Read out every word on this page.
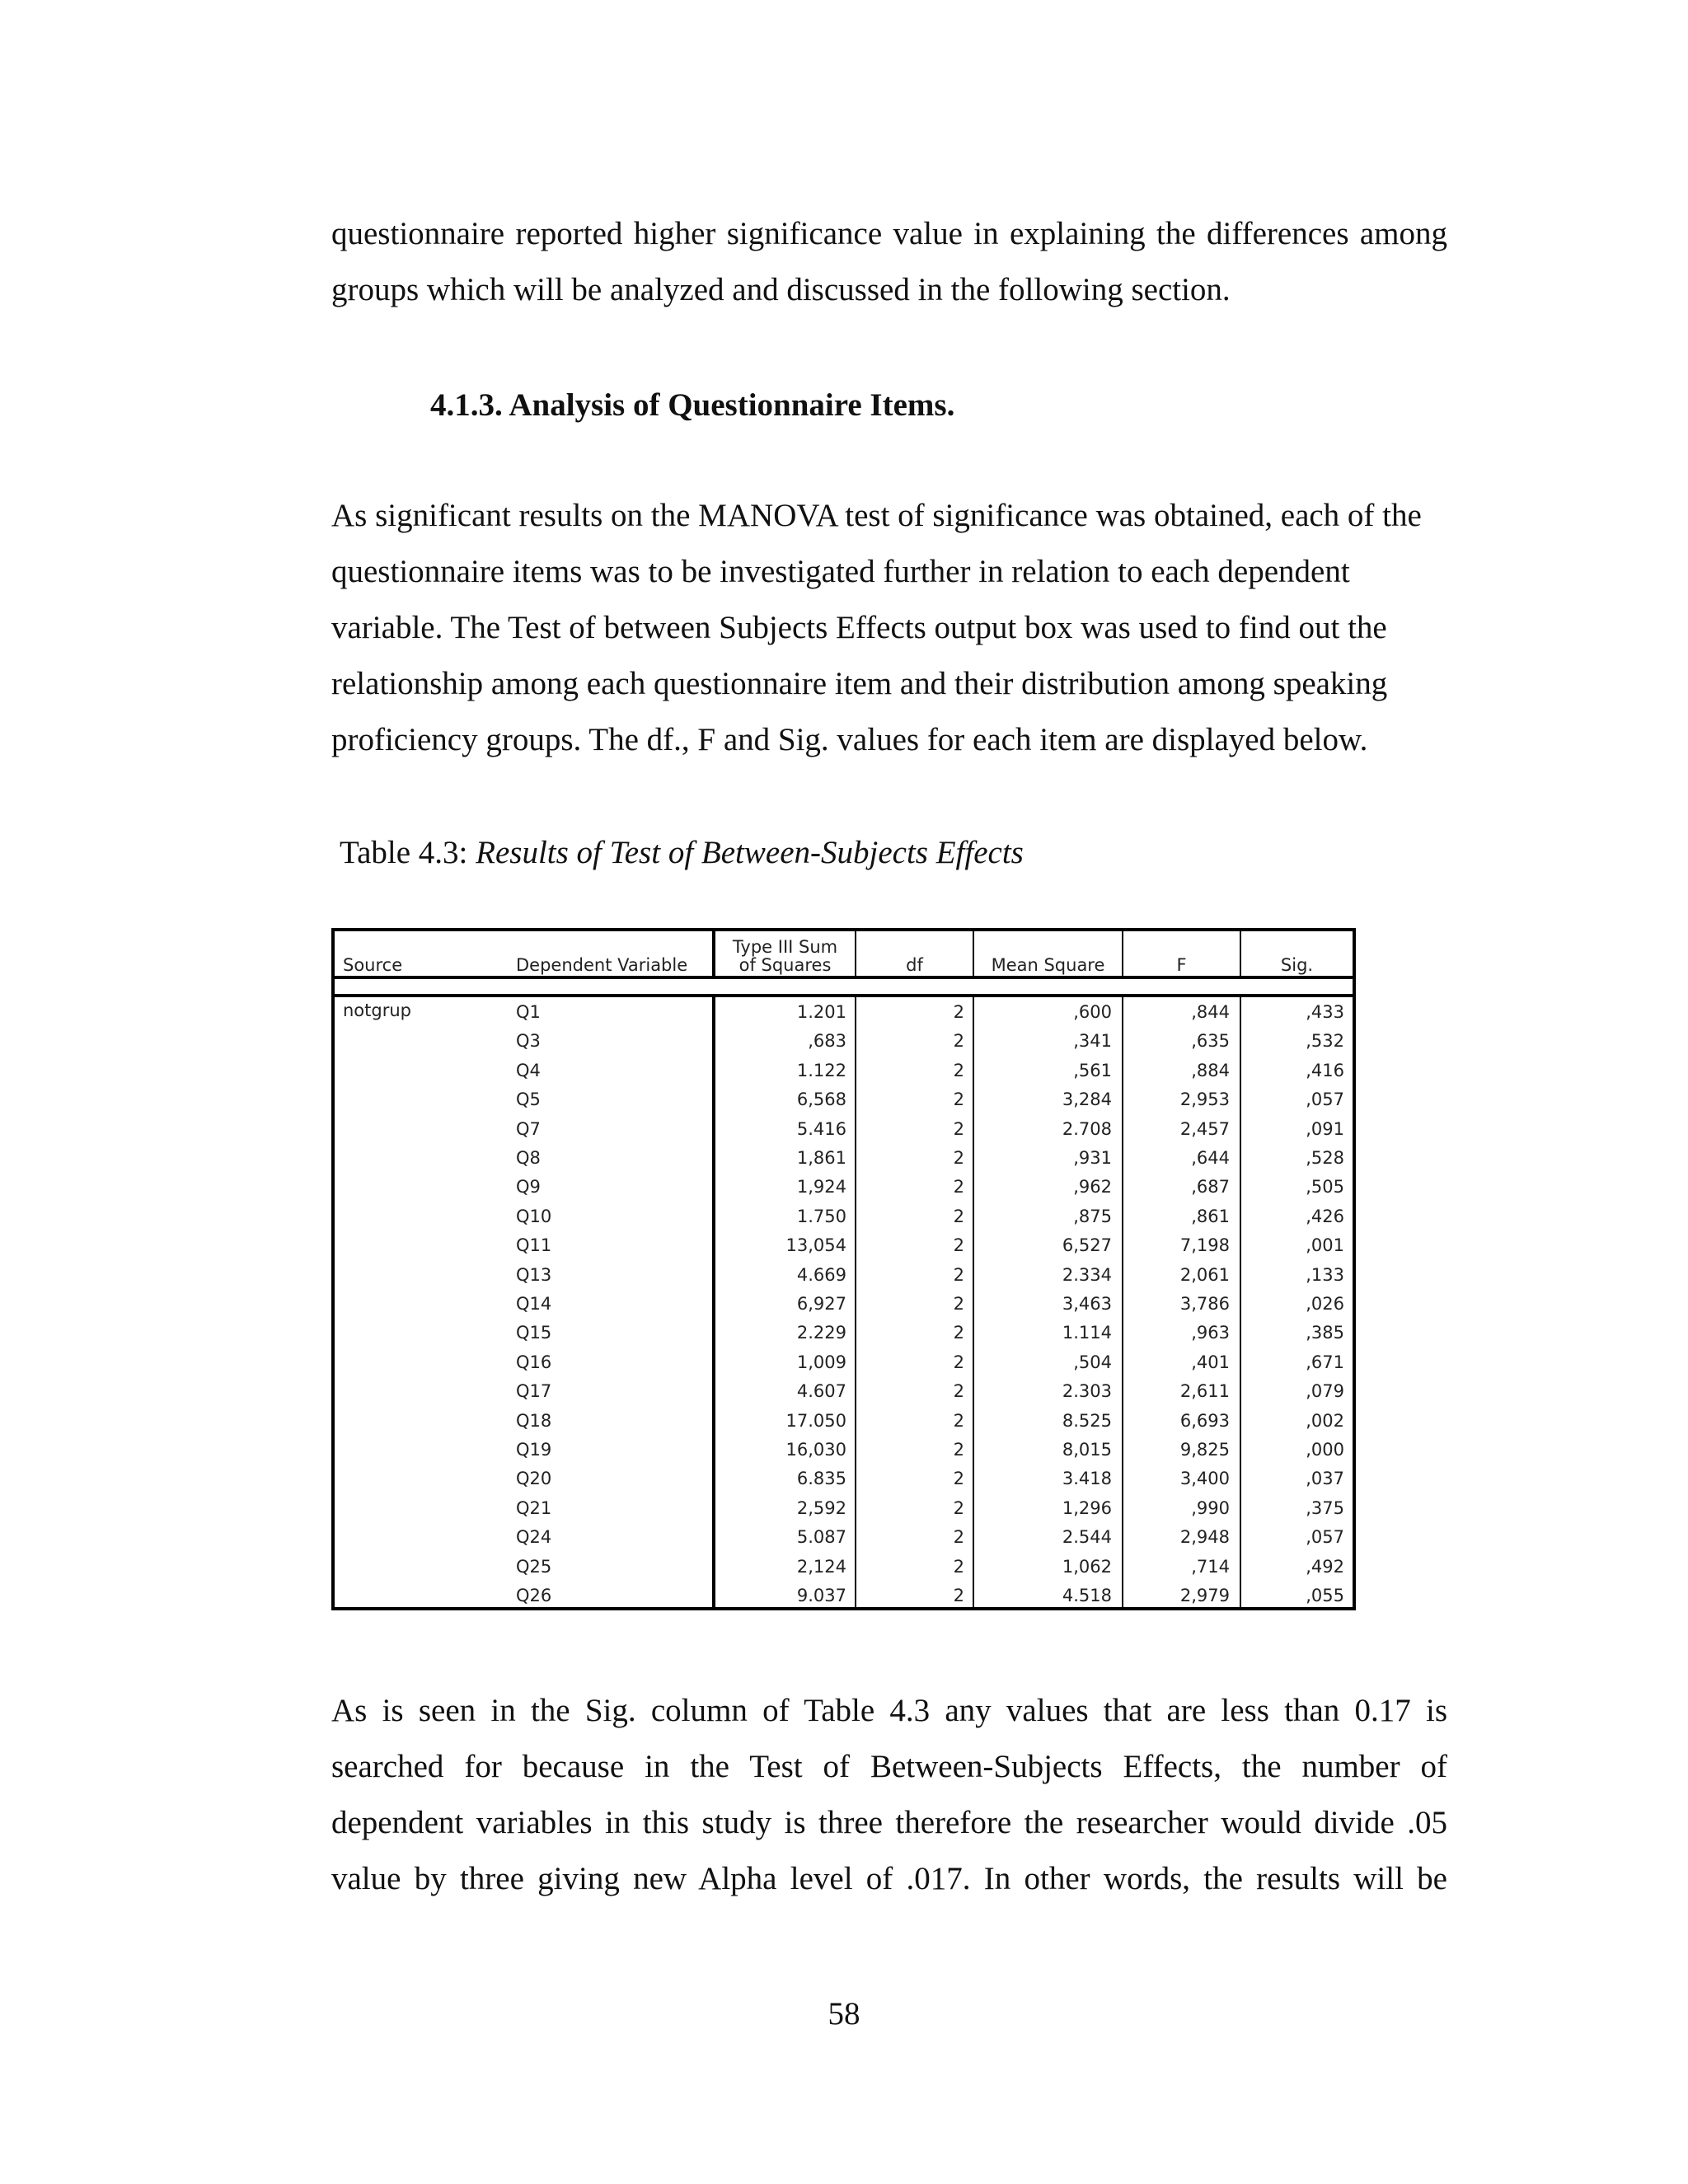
questionnaire reported higher significance value in explaining the differences among
groups which will be analyzed and discussed in the following section.
4.1.3. Analysis of Questionnaire Items.
As significant results on the MANOVA test of significance was obtained, each of the
questionnaire items was to be investigated further in relation to each dependent
variable. The Test of between Subjects Effects output box was used to find out the
relationship among each questionnaire item and their distribution among speaking
proficiency groups. The df., F and Sig. values for each item are displayed below.

Table 4.3: Results of Test of Between-Subjects Effects

Source	Dependent Variable
Type III Sum
of Squares	df	Mean Square	F	Sig.
notgrup	Q1	1.201	2	,600	,844	,433
Q3	,683	2	,341	,635	,532
Q4	1.122	2	,561	,884	,416
Q5	6,568	2	3,284	2,953	,057
Q7	5.416	2	2.708	2,457	,091
Q8	1,861	2	,931	,644	,528
Q9	1,924	2	,962	,687	,505
Q10	1.750	2	,875	,861	,426
Q11	13,054	2	6,527	7,198	,001
Q13	4.669	2	2.334	2,061	,133
Q14	6,927	2	3,463	3,786	,026
Q15	2.229	2	1.114	,963	,385
Q16	1,009	2	,504	,401	,671
Q17	4.607	2	2.303	2,611	,079
Q18	17.050	2	8.525	6,693	,002
Q19	16,030	2	8,015	9,825	,000
Q20	6.835	2	3.418	3,400	,037
Q21	2,592	2	1,296	,990	,375
Q24	5.087	2	2.544	2,948	,057
Q25	2,124	2	1,062	,714	,492
Q26	9.037	2	4.518	2,979	,055
As is seen in the Sig. column of Table 4.3 any values that are less than 0.17 is
searched for because in the Test of Between-Subjects Effects, the number of
dependent variables in this study is three therefore the researcher would divide .05
value by three giving new Alpha level of .017. In other words, the results will be

58
